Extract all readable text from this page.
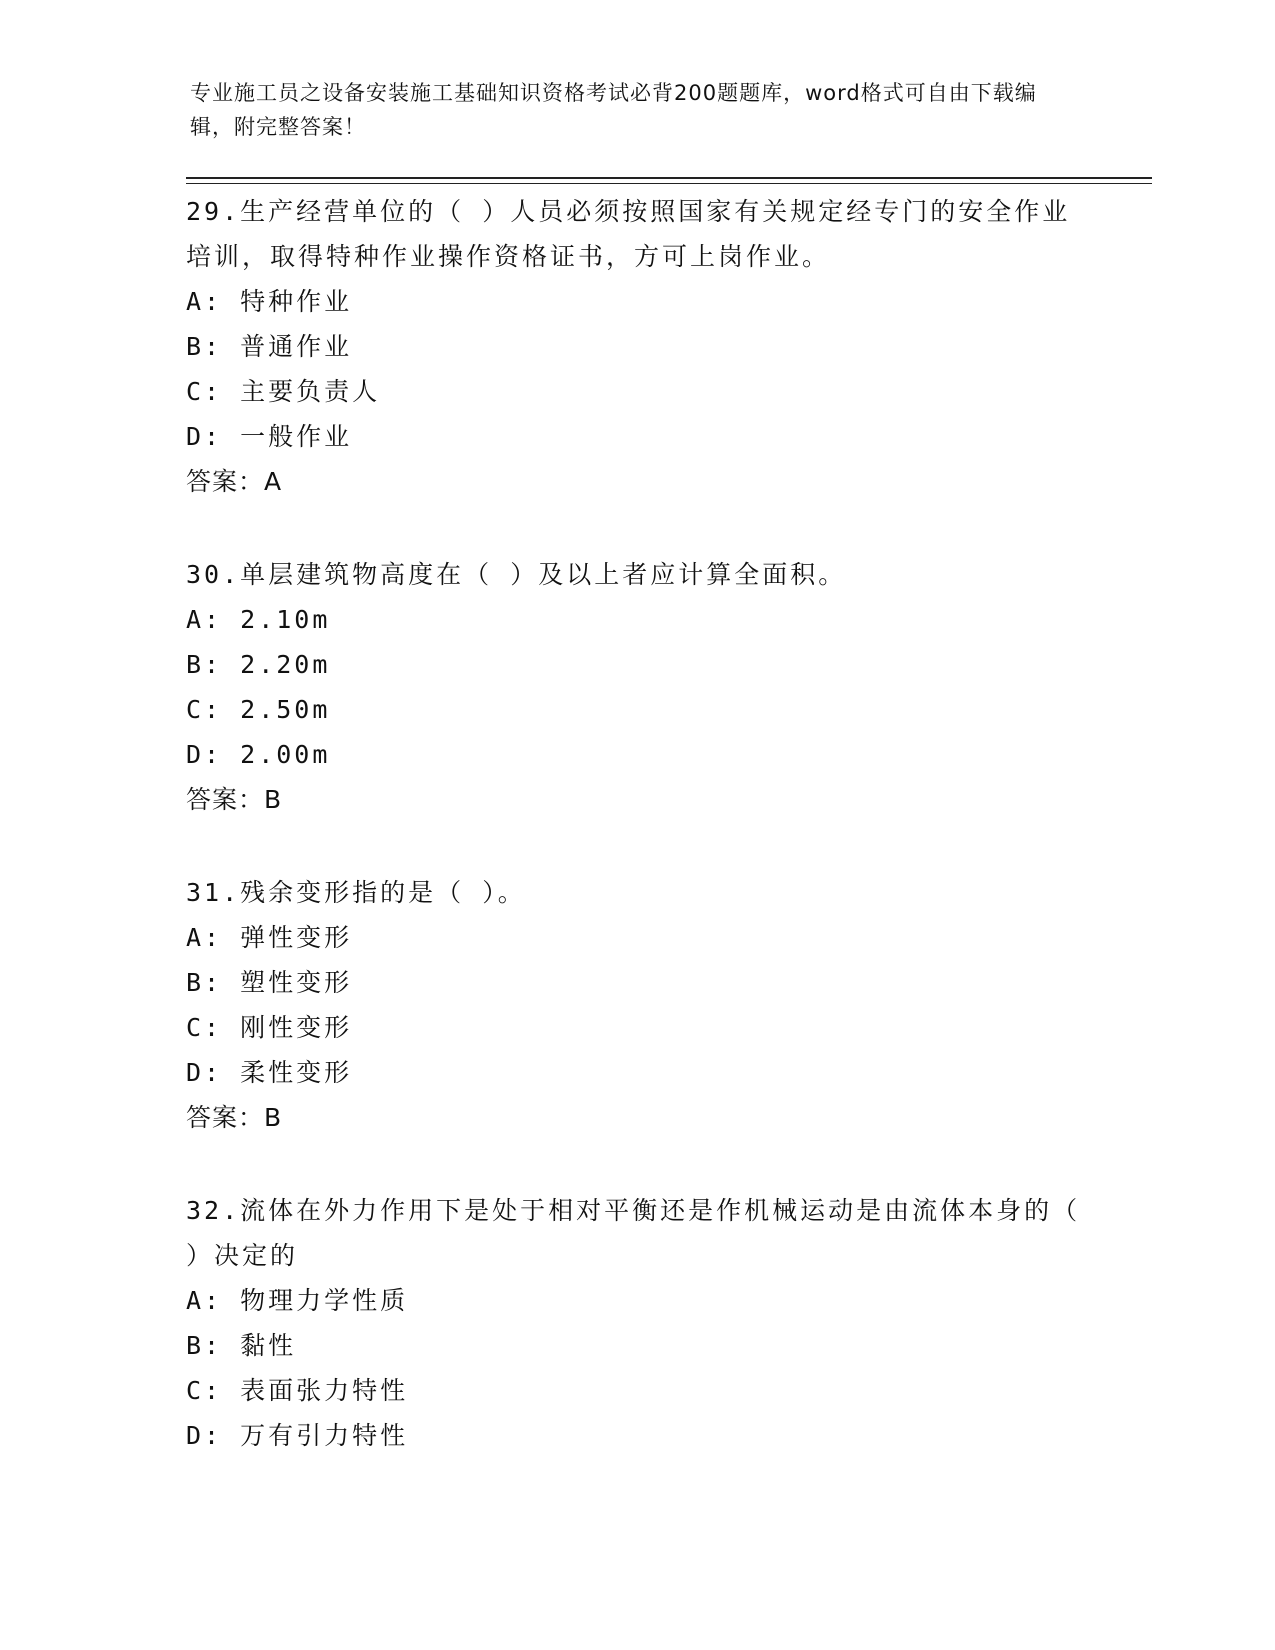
专业施工员之设备安装施工基础知识资格考试必背200题题库，word格式可自由下载编辑，附完整答案！

29.生产经营单位的（ ）人员必须按照国家有关规定经专门的安全作业培训，取得特种作业操作资格证书，方可上岗作业。

A: 特种作业

B: 普通作业

C: 主要负责人

D: 一般作业

答案：A

30.单层建筑物高度在（ ）及以上者应计算全面积。

A: 2.10m

B: 2.20m

C: 2.50m

D: 2.00m

答案：B

31.残余变形指的是（ ）。

A: 弹性变形

B: 塑性变形

C: 刚性变形

D: 柔性变形

答案：B

32.流体在外力作用下是处于相对平衡还是作机械运动是由流体本身的（ ）决定的

A: 物理力学性质

B: 黏性

C: 表面张力特性

D: 万有引力特性
